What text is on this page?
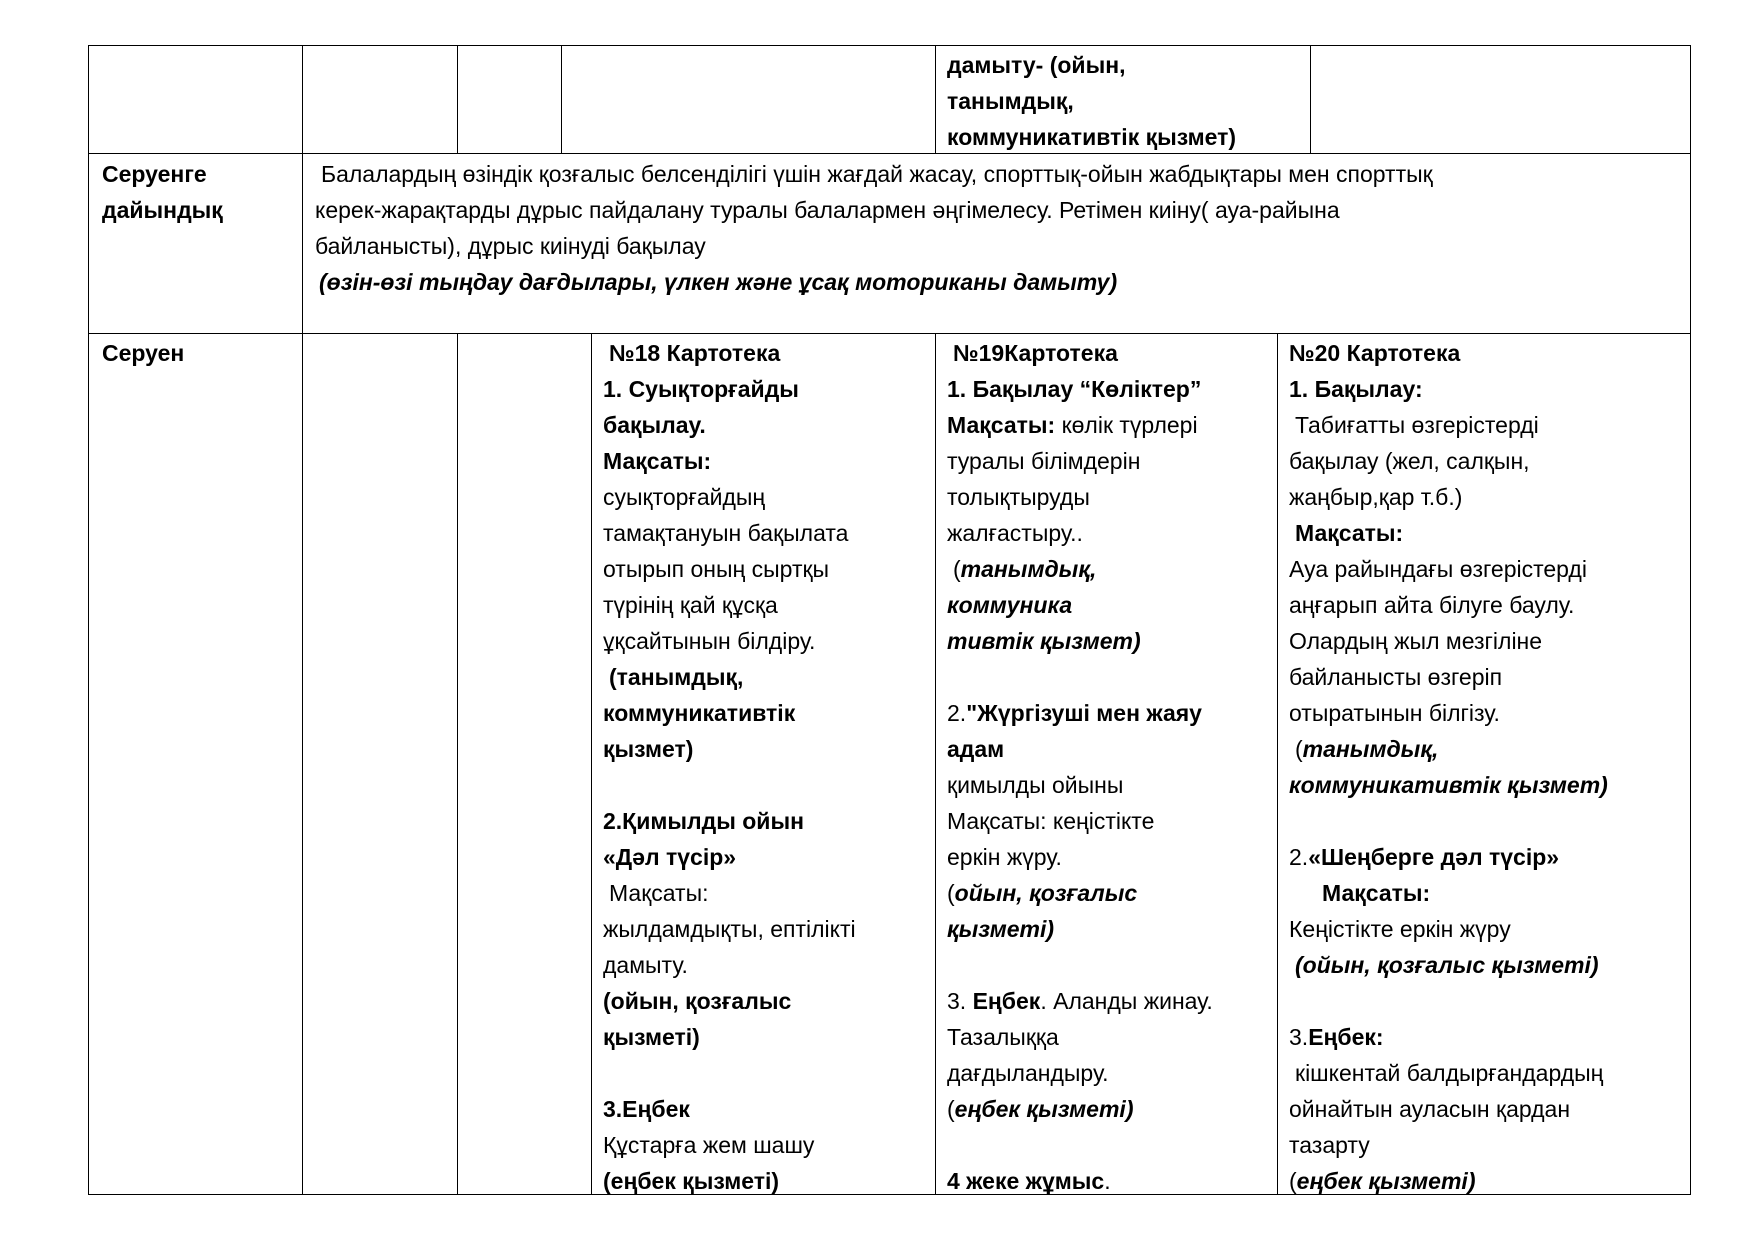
дамыту- (ойын,
танымдық,
коммуникативтік қызмет)
Серуенге
дайындық
Балалардың өзіндік қозғалыс белсенділігі үшін жағдай жасау, спорттық-ойын жабдықтары мен спорттық
керек-жарақтарды дұрыс пайдалану туралы балалармен әңгімелесу. Ретімен киіну( ауа-райына
байланысты), дұрыс киінуді бақылау
(өзін-өзі тыңдау дағдылары, үлкен және ұсақ моториканы дамыту)
Серуен	№18 Картотека
1. Суықторғайды
бақылау.
Мақсаты:
суықторғайдың
тамақтануын бақылата
отырып оның сыртқы
түрінің қай құсқа
ұқсайтынын білдіру.
(танымдық,
коммуникативтік
қызмет)
2.Қимылды ойын
«Дәл түсір»
Мақсаты:
жылдамдықты, ептілікті
дамыту.
(ойын, қозғалыс
қызметі)
3.Еңбек
Құстарға жем шашу
(еңбек қызметі)
№19Картотека
1. Бақылау “Көліктер”
Мақсаты: көлік түрлері
туралы білімдерін
толықтыруды
жалғастыру..
(танымдық,
коммуника
тивтік қызмет)
2."Жүргізуші мен жаяу
адам
қимылды ойыны
Мақсаты: кеңістікте
еркін жүру.
(ойын, қозғалыс
қызметі)
3. Еңбек. Аланды жинау.
Тазалыққа
дағдыландыру.
(еңбек қызметі)
4 жеке жұмыс.
№20 Картотека
1. Бақылау:
Табиғатты өзгерістерді
бақылау (жел, салқын,
жаңбыр,қар т.б.)
Мақсаты:
Ауа райындағы өзгерістерді
аңғарып айта білуге баулу.
Олардың жыл мезгіліне
байланысты өзгеріп
отыратынын білгізу.
(танымдық,
коммуникативтік қызмет)
2.«Шеңберге дәл түсір»
Мақсаты:
Кеңістікте еркін жүру
(ойын, қозғалыс қызметі)
3.Еңбек:
кішкентай балдырғандардың
ойнайтын ауласын қардан
тазарту
(еңбек қызметі)
